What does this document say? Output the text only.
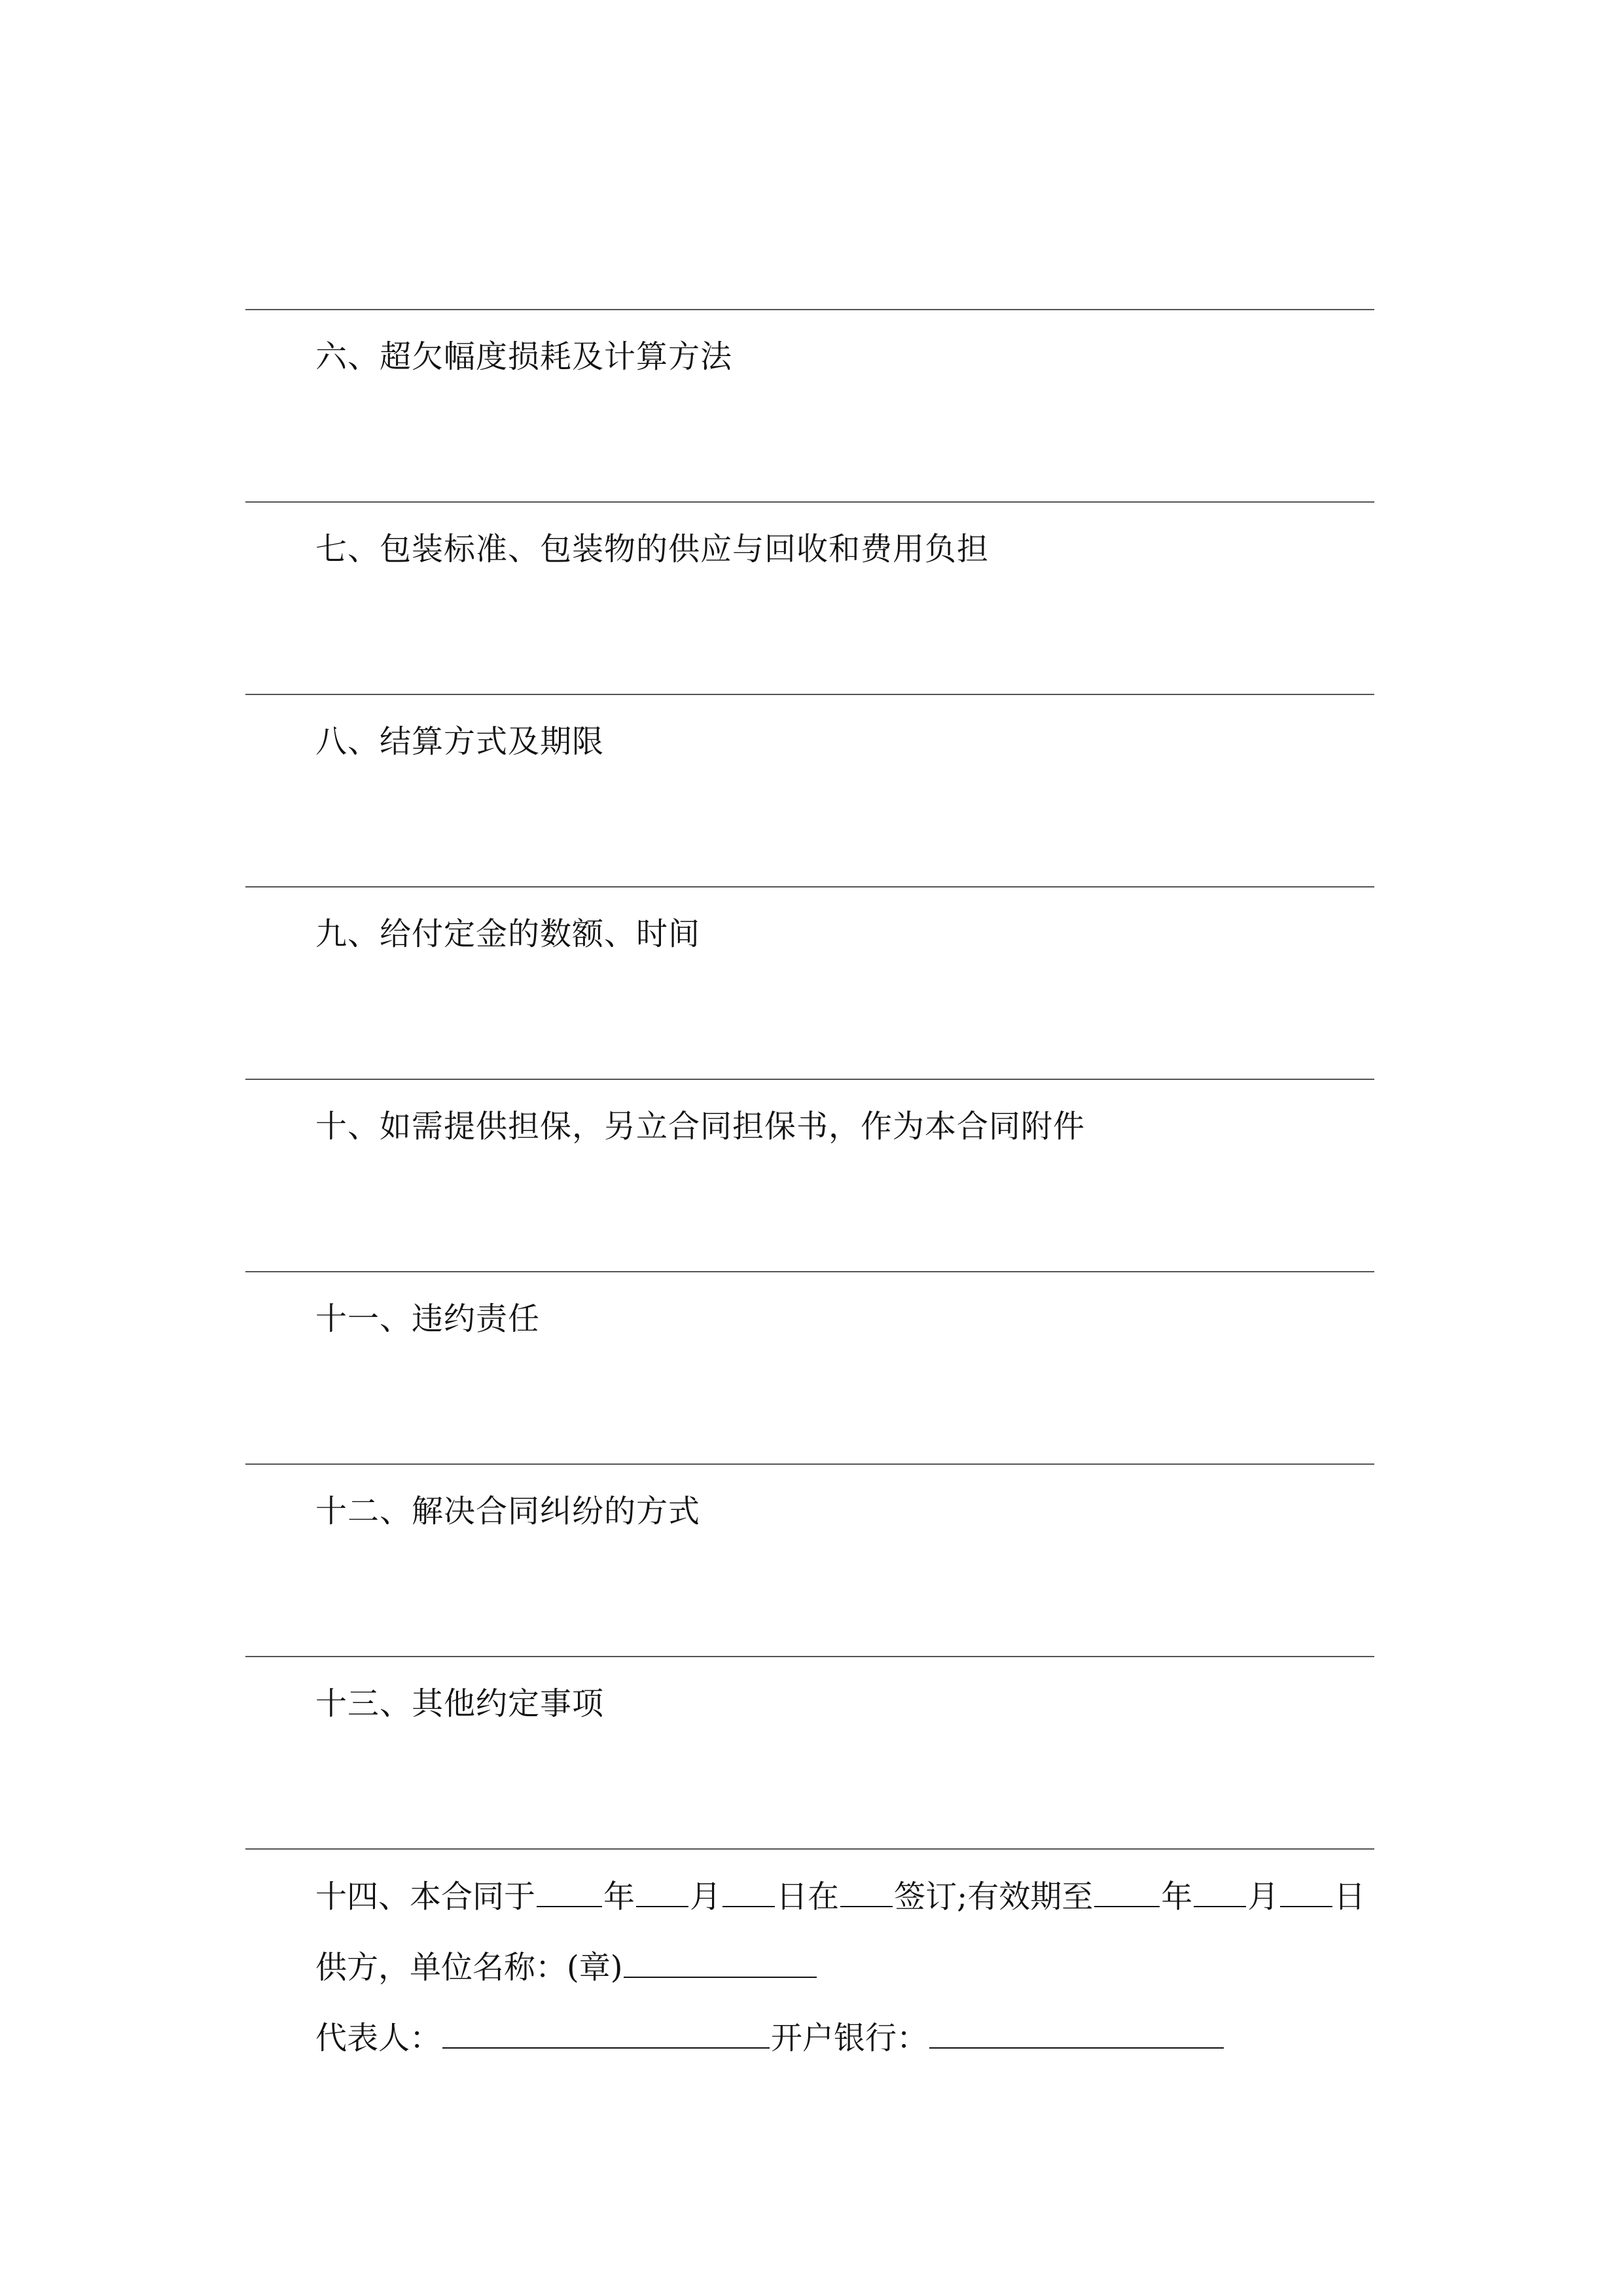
六、超欠幅度损耗及计算方法
七、包装标准、包装物的供应与回收和费用负担
八、结算方式及期限
九、给付定金的数额、时间
十、如需提供担保，另立合同担保书，作为本合同附件
十一、违约责任
十二、解决合同纠纷的方式
十三、其他约定事项
十四、本合同于 年 月 日在 签订;有效期至 年 月 日
供方，单位名称：(章)
代表人：	开户银行：
